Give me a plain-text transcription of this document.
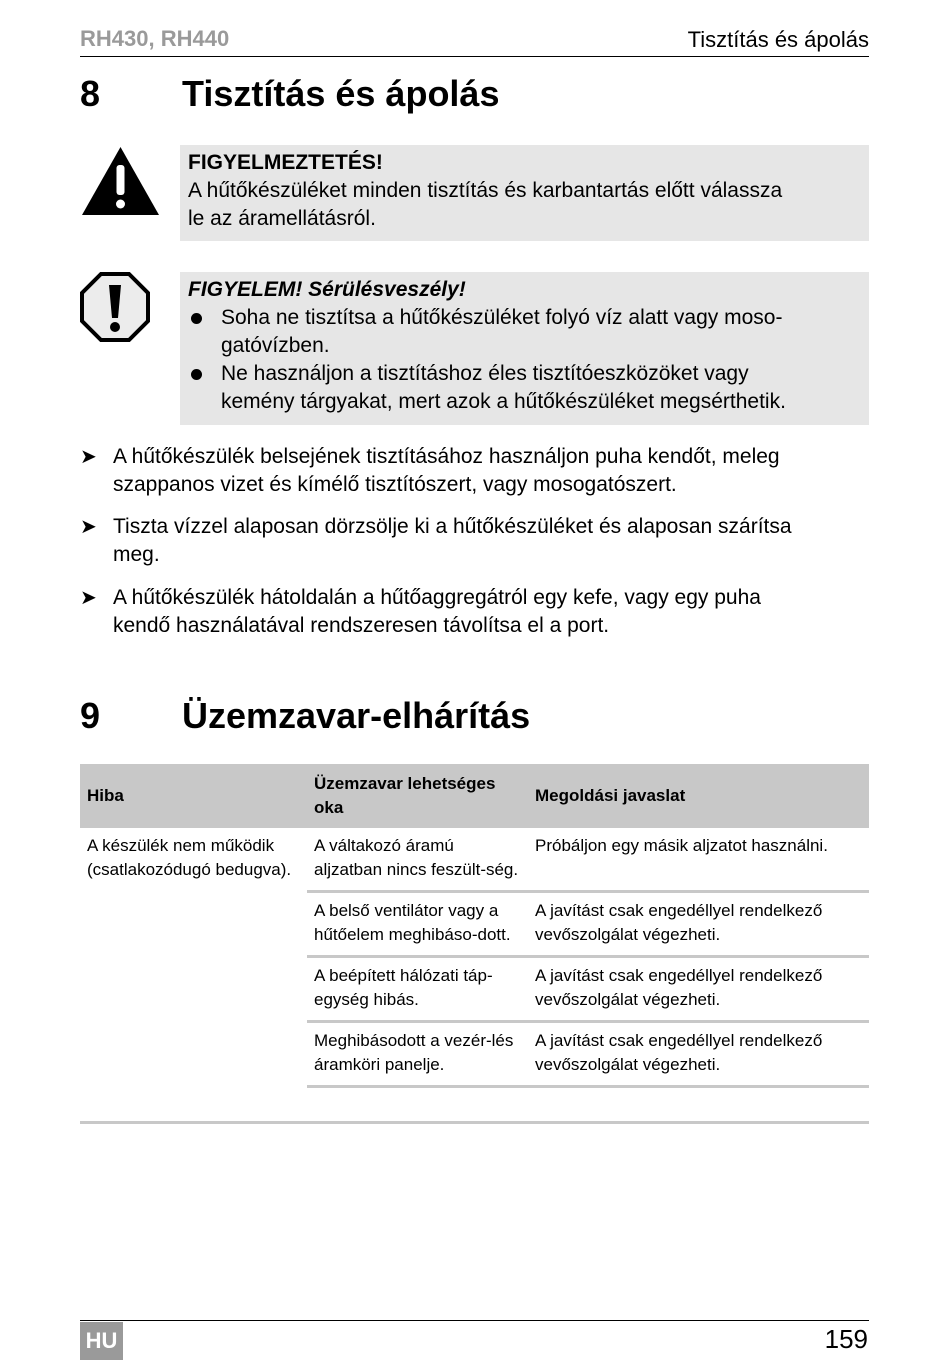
RH430, RH440	Tisztítás és ápolás
8 Tisztítás és ápolás
FIGYELMEZTETÉS!
A hűtőkészüléket minden tisztítás és karbantartás előtt válassza
le az áramellátásról.
FIGYELEM! Sérülésveszély!
Soha ne tisztítsa a hűtőkészüléket folyó víz alatt vagy moso-
gatóvízben.
Ne használjon a tisztításhoz éles tisztítóeszközöket vagy
kemény tárgyakat, mert azok a hűtőkészüléket megsérthetik.
➤ A hűtőkészülék belsejének tisztításához használjon puha kendőt, meleg
szappanos vizet és kímélő tisztítószert, vagy mosogatószert.
➤ Tiszta vízzel alaposan dörzsölje ki a hűtőkészüléket és alaposan szárítsa
meg.
➤ A hűtőkészülék hátoldalán a hűtőaggregátról egy kefe, vagy egy puha
kendő használatával rendszeresen távolítsa el a port.
9 Üzemzavar-elhárítás
Hiba	Üzemzavar lehetséges oka	Megoldási javaslat
A készülék nem működik (csatlakozódugó bedugva).	A váltakozó áramú aljzatban nincs feszült-ség.	Próbáljon egy másik aljzatot használni.
	A belső ventilátor vagy a hűtőelem meghibáso-dott.	A javítást csak engedéllyel rendelkező vevőszolgálat végezheti.
	A beépített hálózati táp-egység hibás.	A javítást csak engedéllyel rendelkező vevőszolgálat végezheti.
	Meghibásodott a vezér-lés áramköri panelje.	A javítást csak engedéllyel rendelkező vevőszolgálat végezheti.
HU	159
